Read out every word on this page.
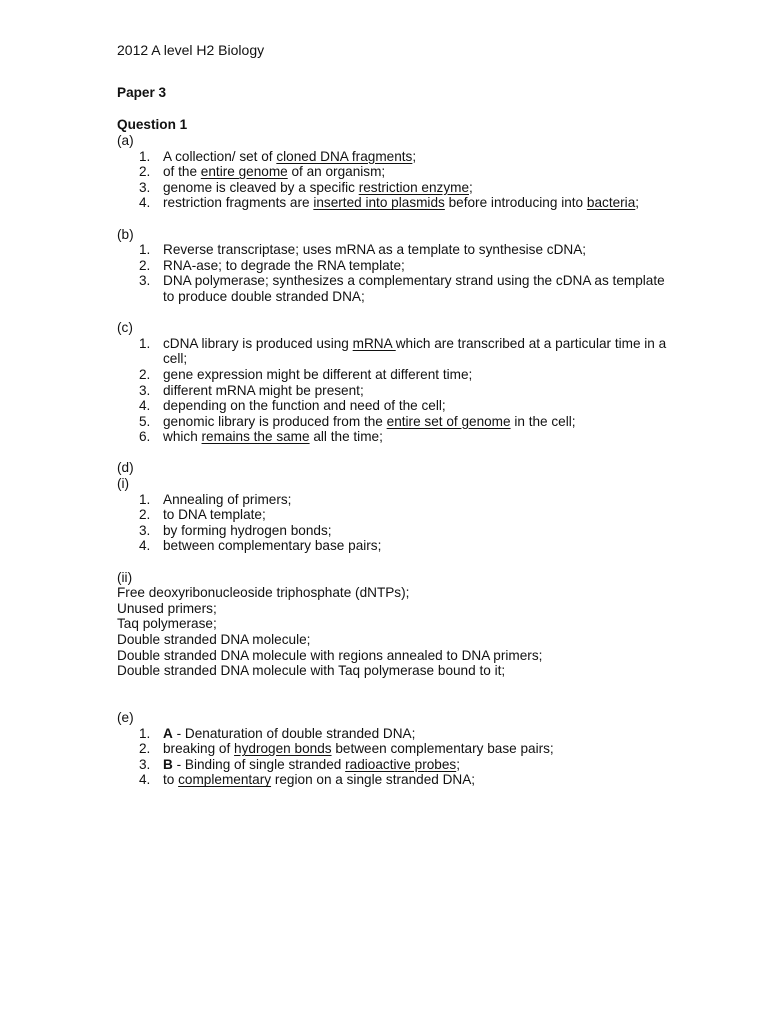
2012 A level H2 Biology
Paper 3
Question 1
(a)
1. A collection/ set of cloned DNA fragments;
2. of the entire genome of an organism;
3. genome is cleaved by a specific restriction enzyme;
4. restriction fragments are inserted into plasmids before introducing into bacteria;
(b)
1. Reverse transcriptase; uses mRNA as a template to synthesise cDNA;
2. RNA-ase; to degrade the RNA template;
3. DNA polymerase; synthesizes a complementary strand using the cDNA as template to produce double stranded DNA;
(c)
1. cDNA library is produced using mRNA which are transcribed at a particular time in a cell;
2. gene expression might be different at different time;
3. different mRNA might be present;
4. depending on the function and need of the cell;
5. genomic library is produced from the entire set of genome in the cell;
6. which remains the same all the time;
(d)
(i)
1. Annealing of primers;
2. to DNA template;
3. by forming hydrogen bonds;
4. between complementary base pairs;
(ii)
Free deoxyribonucleoside triphosphate (dNTPs);
Unused primers;
Taq polymerase;
Double stranded DNA molecule;
Double stranded DNA molecule with regions annealed to DNA primers;
Double stranded DNA molecule with Taq polymerase bound to it;
(e)
1. A - Denaturation of double stranded DNA;
2. breaking of hydrogen bonds between complementary base pairs;
3. B - Binding of single stranded radioactive probes;
4. to complementary region on a single stranded DNA;
